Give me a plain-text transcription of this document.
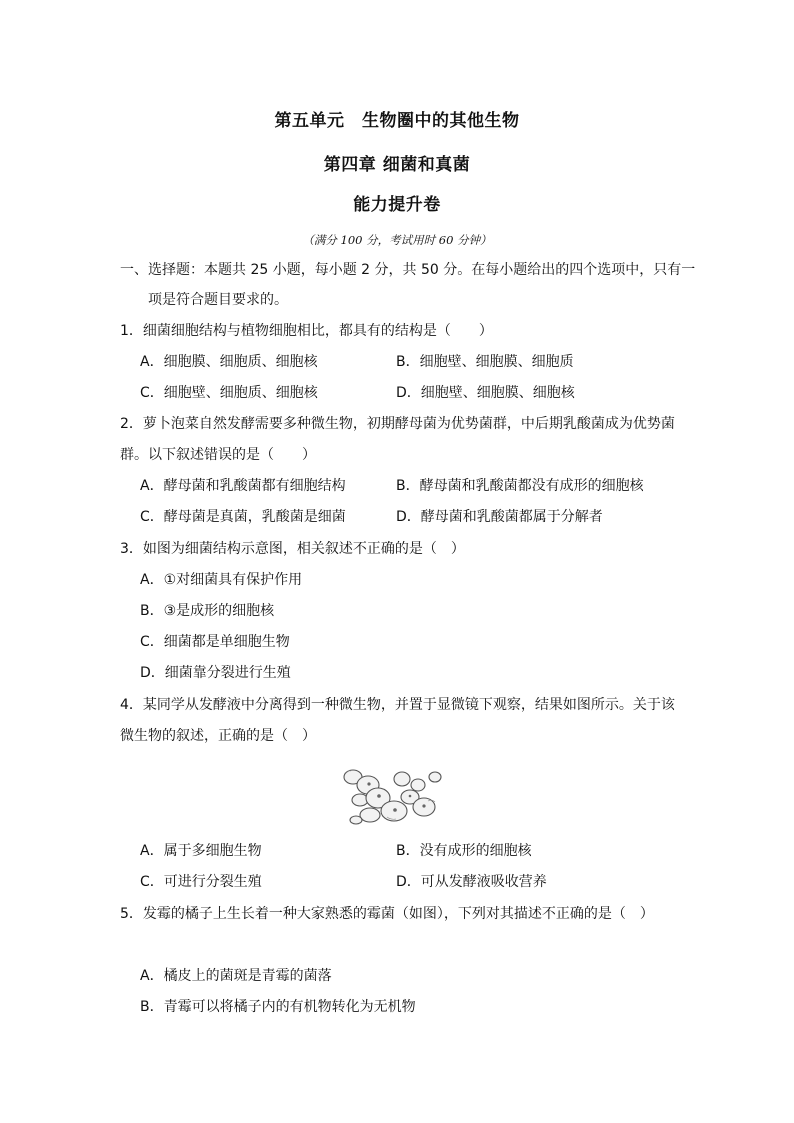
第五单元　生物圈中的其他生物
第四章 细菌和真菌
能力提升卷
（满分 100 分，考试用时 60 分钟）
一、选择题：本题共 25 小题，每小题 2 分，共 50 分。在每小题给出的四个选项中，只有一
项是符合题目要求的。
1．细菌细胞结构与植物细胞相比，都具有的结构是（　　）
A．细胞膜、细胞质、细胞核	B．细胞壁、细胞膜、细胞质
C．细胞壁、细胞质、细胞核	D．细胞壁、细胞膜、细胞核
2．萝卜泡菜自然发酵需要多种微生物，初期酵母菌为优势菌群，中后期乳酸菌成为优势菌
群。以下叙述错误的是（　　）
A．酵母菌和乳酸菌都有细胞结构	B．酵母菌和乳酸菌都没有成形的细胞核
C．酵母菌是真菌，乳酸菌是细菌	D．酵母菌和乳酸菌都属于分解者
3．如图为细菌结构示意图，相关叙述不正确的是（　）
A．①对细菌具有保护作用
B．③是成形的细胞核
C．细菌都是单细胞生物
D．细菌靠分裂进行生殖
4．某同学从发酵液中分离得到一种微生物，并置于显微镜下观察，结果如图所示。关于该
微生物的叙述，正确的是（　）
A．属于多细胞生物	B．没有成形的细胞核
C．可进行分裂生殖	D．可从发酵液吸收营养
5．发霉的橘子上生长着一种大家熟悉的霉菌（如图），下列对其描述不正确的是（　）
A．橘皮上的菌斑是青霉的菌落
B．青霉可以将橘子内的有机物转化为无机物
